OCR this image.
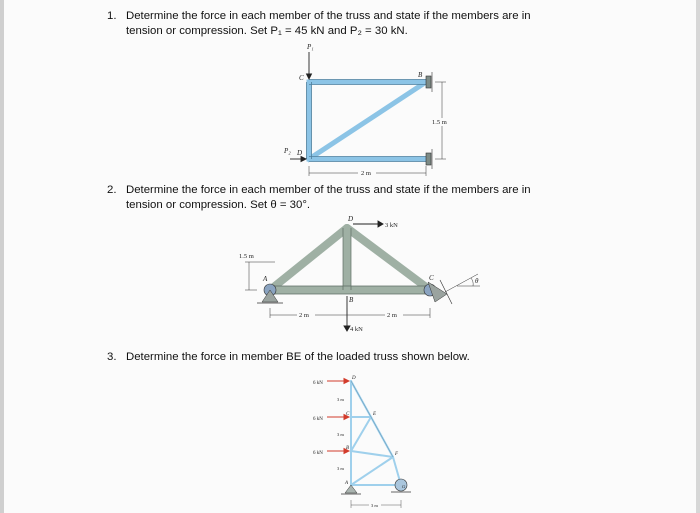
1. Determine the force in each member of the truss and state if the members are in
tension or compression. Set P₁ = 45 kN and P₂ = 30 kN.
P₁
P₂
C	B
D
1.5 m
2 m
2. Determine the force in each member of the truss and state if the members are in
tension or compression. Set θ = 30°.
θ
3 kN
4 kN
D
A
B
C
1.5 m
2 m	2 m
3. Determine the force in member BE of the loaded truss shown below.
6 kN
6 kN
6 kN
D
C	E
B
F
A
G
3 m
3 m
3 m
3 m
